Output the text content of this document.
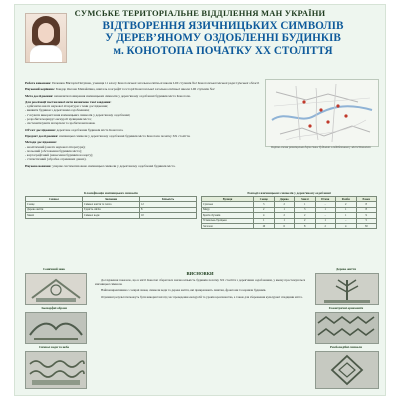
СУМСЬКЕ ТЕРИТОРІАЛЬНЕ ВІДДІЛЕННЯ МАН УКРАЇНИ
ВІДТВОРЕННЯ ЯЗИЧНИЦЬКИХ СИМВОЛІВ
У ДЕРЕВ’ЯНОМУ ОЗДОБЛЕННІ БУДИНКІВ
м. КОНОТОПА ПОЧАТКУ ХХ СТОЛІТТЯ

Робота виконана: Печенюк Вікторія Петрівна, учениця 11 класу Конотопської загальноосвітньої школи І-ІІІ ступенів №2 Конотопської міської ради Сумської області

Науковий керівник: Бондар Оксана Михайлівна, вчитель географії та історії Конотопської загальноосвітньої школи І-ІІІ ступенів №2

Мета дослідження: визначити поширення язичницьких символів у дерев’яному оздобленні будинків міста Конотопа.

Для реалізації поставленої мети визначено такі завдання:
- здійснити аналіз наукової літератури з теми дослідження;
- виявити будинки з дерев’яним оздобленням;
- з’ясувати використання язичницьких символів у дерев’яному оздобленні;
- розробити маршрут екскурсії вулицями міста;
- систематизувати матеріали та зробити висновки.

Об’єкт дослідження: дерев’яне оздоблення будинків міста Конотопа.

Предмет дослідження: язичницькі символи у дерев’яному оздобленні будинків міста Конотопа початку ХХ століття.

Методи дослідження:
- аналітичний (аналіз наукової літератури);
- польовий (обстеження будинків міста);
- картографічний (нанесення будинків на карту);
- статистичний (обробка отриманих даних).

Наукова новизна: уперше систематизовано язичницькі символи у дерев’яному оздобленні будинків міста.

Карта-схема розміщення дерев’яних будинків з оздобленням у місті Конотоп
Класифікація язичницьких символів
Символ	Значення	Кількість
Сонце	Символ життя та тепла	12
Дерево життя	Єдність світів	8
Хвилі	Символ води	10
Розподіл язичницьких символів у дерев’яному оздобленні
Вулиця	Сонце	Дерево	Хвилі	Птахи	Ромби	Разом
Сумська	3	2	1	–	2	8
Миру	2	1	3	1	1	8
Братів Лузанів	4	2	2	–	1	9
Успенсько-Троїцька	1	1	2	1	–	5
Загалом	10	6	8	2	4	30
ВИСНОВКИ

Дослідження показало, що в місті Конотоп збереглася значна кількість будинків початку ХХ століття з дерев’яним оздобленням, у якому простежуються язичницькі символи.

Найпоширенішими є солярні знаки, символи води та дерева життя, які прикрашають лиштви, фронтони та карнизи будинків.

Отримані результати можуть бути використані під час проведення екскурсій та уроків краєзнавства, а також для збереження культурної спадщини міста.

Сонячний знак
Зооморфні образи
Символ води та неба
Дерево життя
Геометричні орнаменти
Ромбоподібні символи
